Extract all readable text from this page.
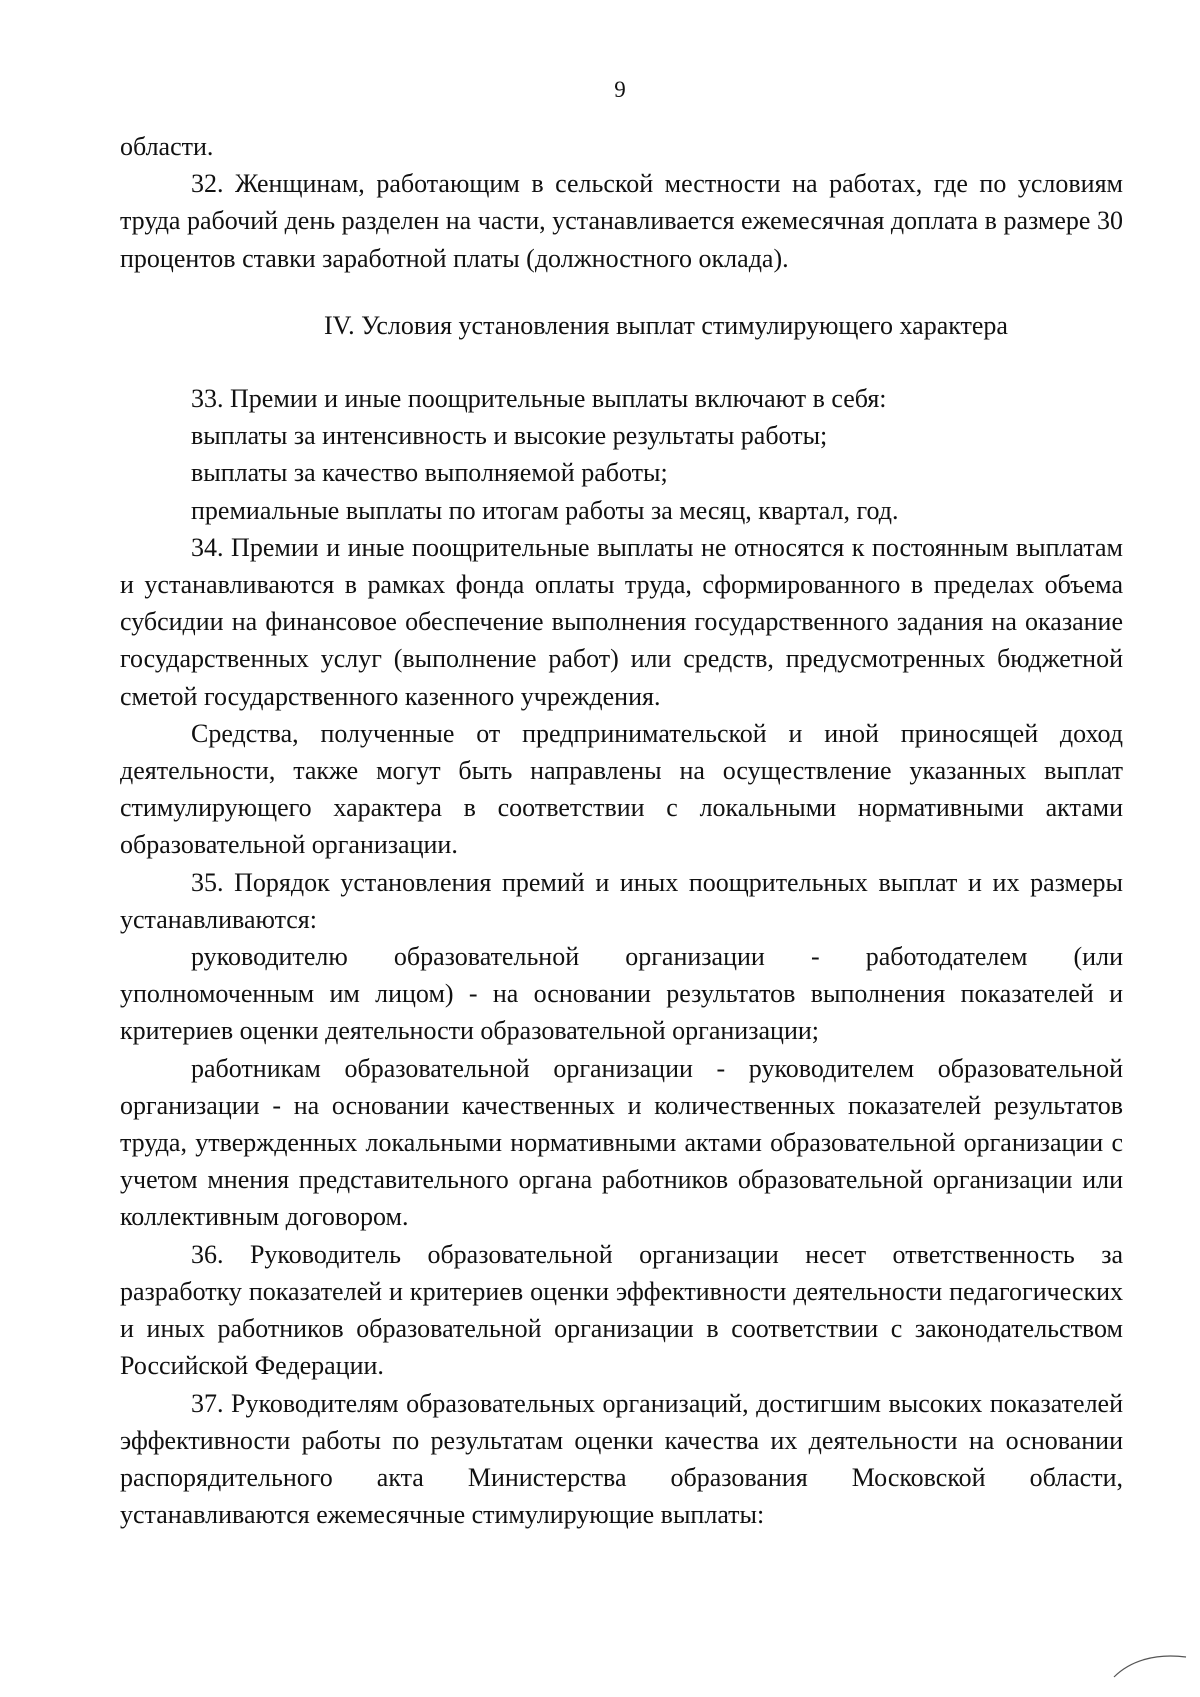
9

области.

32. Женщинам, работающим в сельской местности на работах, где по условиям труда рабочий день разделен на части, устанавливается ежемесячная доплата в размере 30 процентов ставки заработной платы (должностного оклада).

IV. Условия установления выплат стимулирующего характера

33. Премии и иные поощрительные выплаты включают в себя:

выплаты за интенсивность и высокие результаты работы;

выплаты за качество выполняемой работы;

премиальные выплаты по итогам работы за месяц, квартал, год.

34. Премии и иные поощрительные выплаты не относятся к постоянным выплатам и устанавливаются в рамках фонда оплаты труда, сформированного в пределах объема субсидии на финансовое обеспечение выполнения государственного задания на оказание государственных услуг (выполнение работ) или средств, предусмотренных бюджетной сметой государственного казенного учреждения.

Средства, полученные от предпринимательской и иной приносящей доход деятельности, также могут быть направлены на осуществление указанных выплат стимулирующего характера в соответствии с локальными нормативными актами образовательной организации.

35. Порядок установления премий и иных поощрительных выплат и их размеры устанавливаются:

руководителю образовательной организации - работодателем (или уполномоченным им лицом) - на основании результатов выполнения показателей и критериев оценки деятельности образовательной организации;

работникам образовательной организации - руководителем образовательной организации - на основании качественных и количественных показателей результатов труда, утвержденных локальными нормативными актами образовательной организации с учетом мнения представительного органа работников образовательной организации или коллективным договором.

36. Руководитель образовательной организации несет ответственность за разработку показателей и критериев оценки эффективности деятельности педагогических и иных работников образовательной организации в соответствии с законодательством Российской Федерации.

37. Руководителям образовательных организаций, достигшим высоких показателей эффективности работы по результатам оценки качества их деятельности на основании распорядительного акта Министерства образования Московской области, устанавливаются ежемесячные стимулирующие выплаты:
